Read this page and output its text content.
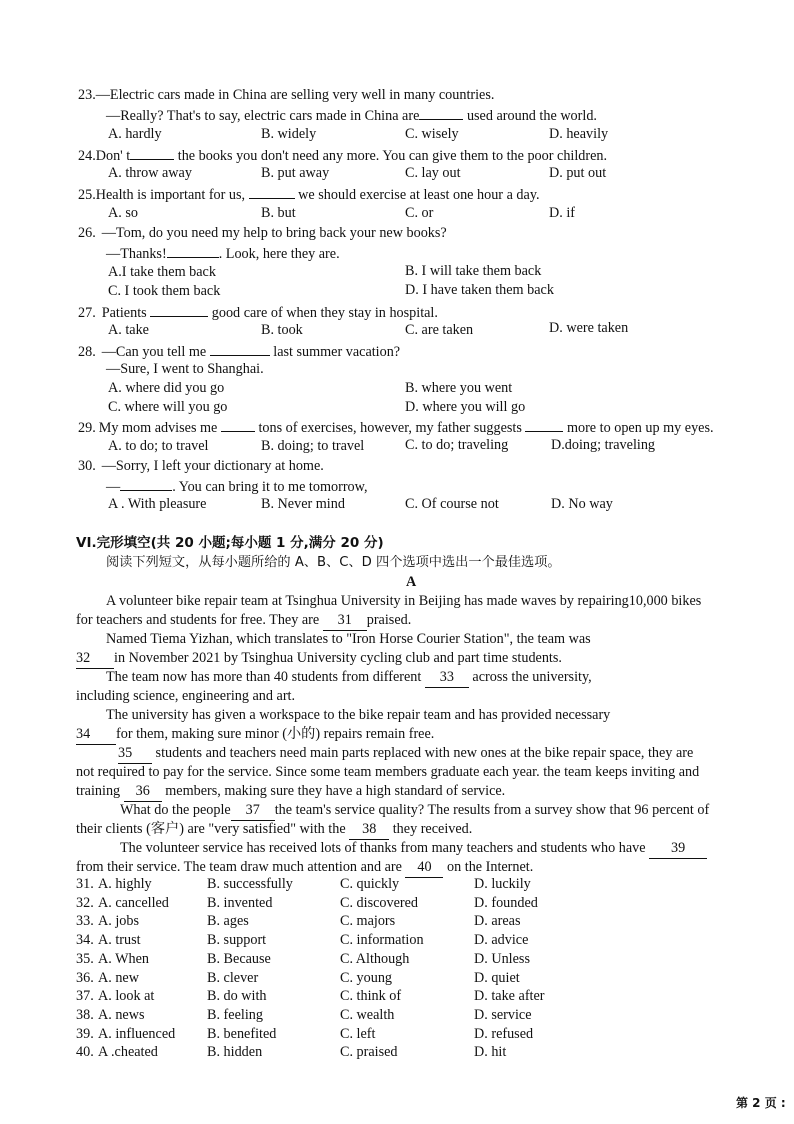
23.—Electric cars made in China are selling very well in many countries.
—Really? That's to say, electric cars made in China are	used around the world.
A. hardly	B. widely	C. wisely	D. heavily
24.Don' t	the books you don't need any more. You can give them to the poor children.
A. throw away	B. put away	C. lay out	D. put out
25.Health is important for us,	we should exercise at least one hour a day.
A. so	B. but	C. or	D. if
26. —Tom, do you need my help to bring back your new books?
—Thanks!	. Look, here they are.
A.I take them back	B. I will take them back
C. I took them back	D. I have taken them back
27. Patients	good care of when they stay in hospital.
A. take	B. took	C. are taken	D. were taken
28. —Can you tell me	last summer vacation?
—Sure, I went to Shanghai.
A. where did you go	B. where you went
C. where will you go	D. where you will go
29. My mom advises me  tons of exercises, however, my father suggests	more to open up my eyes.
A. to do; to travel	B. doing; to travel	C. to do; traveling	D.doing; traveling
30. —Sorry, I left your dictionary at home.
—	. You can bring it to me tomorrow,
A . With pleasure	B. Never mind	C. Of course not	D. No way
VI.完形填空(共 20 小题;每小题 1 分,满分 20 分)
阅读下列短文，从每小题所给的 A、B、C、D 四个选项中选出一个最佳选项。
A
A volunteer bike repair team at Tsinghua University in Beijing has made waves by repairing10,000 bikes
for teachers and students for free. They are 31 praised.
Named Tiema Yizhan, which translates to "Iron Horse Courier Station", the team was
32 in November 2021 by Tsinghua University cycling club and part time students.
The team now has more than 40 students from different 33 across the university,
including science, engineering and art.
The university has given a workspace to the bike repair team and has provided necessary
34 for them, making sure minor (小的) repairs remain free.
35 students and teachers need main parts replaced with new ones at the bike repair space, they are
not required to pay for the service. Since some team members graduate each year. the team keeps inviting and
training 36 members, making sure they have a high standard of service.
What do the people 37 the team's service quality? The results from a survey show that 96 percent of
their clients (客户) are "very satisfied" with the 38 they received.
The volunteer service has received lots of thanks from many teachers and students who have 39
from their service. The team draw much attention and are 40 on the Internet.
31. A. highly	B. successfully	C. quickly	D. luckily
32. A. cancelled	B. invented	C. discovered	D. founded
33. A. jobs	B. ages	C. majors	D. areas
34. A. trust	B. support	C. information	D. advice
35. A. When	B. Because	C. Although	D. Unless
36. A. new	B. clever	C. young	D. quiet
37. A. look at	B. do with	C. think of	D. take after
38. A. news	B. feeling	C. wealth	D. service
39. A. influenced B. benefited	C. left	D. refused
40. A .cheated	B. hidden	C. praised	D. hit
第 2 页 :
